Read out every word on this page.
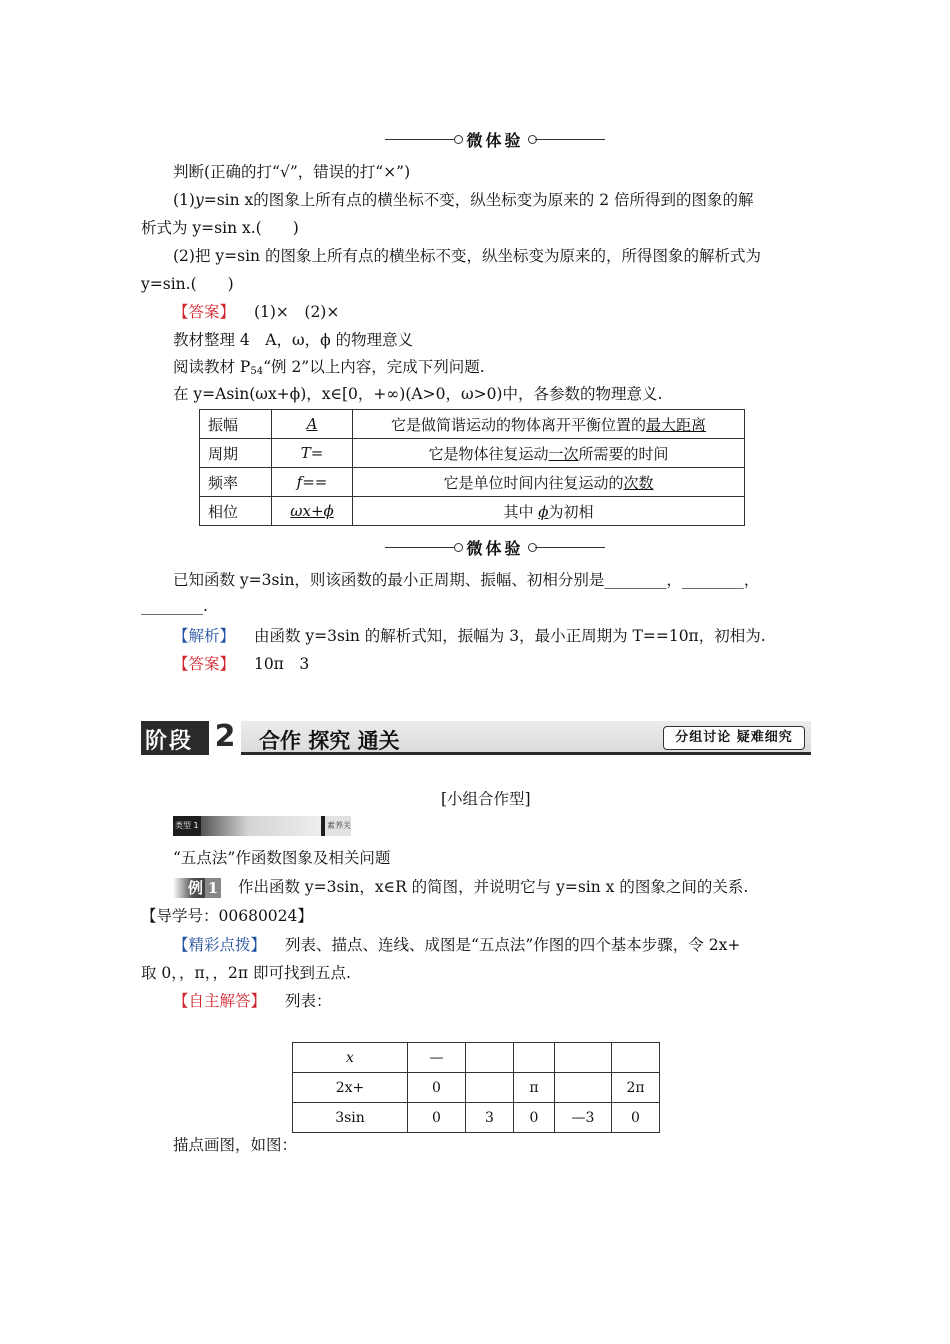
微体验
判断(正确的打“√”，错误的打“×”)
(1)y=sin x的图象上所有点的横坐标不变，纵坐标变为原来的 2 倍所得到的图象的解
析式为 y=sin x.(　　)
(2)把 y=sin 的图象上所有点的横坐标不变，纵坐标变为原来的，所得图象的解析式为
y=sin.(　　)
【答案】 (1)×　(2)×
教材整理 4　A，ω，ϕ 的物理意义
阅读教材 P54“例 2”以上内容，完成下列问题.
在 y=Asin(ωx+ϕ)，x∈[0，+∞)(A>0，ω>0)中，各参数的物理意义.
振幅	A	它是做简谐运动的物体离开平衡位置的最大距离
周期	T=	它是物体往复运动一次所需要的时间
频率	f==	它是单位时间内往复运动的次数
相位	ωx+ϕ	其中 ϕ为初相
微体验
已知函数 y=3sin，则该函数的最小正周期、振幅、初相分别是________，________，
________.
【解析】 由函数 y=3sin 的解析式知，振幅为 3，最小正周期为 T==10π，初相为.
【答案】 10π　3
阶段 2 合作 探究 通关	分组讨论 疑难细究
[小组合作型]
类型 1	素养关
“五点法”作函数图象及相关问题
例 1 作出函数 y=3sin，x∈R 的简图，并说明它与 y=sin x 的图象之间的关系.
【导学号：00680024】
【精彩点拨】 列表、描点、连线、成图是“五点法”作图的四个基本步骤，令 2x+
取 0，，π，，2π 即可找到五点.
【自主解答】 列表：
x	—				
2x+	0		π		2π
3sin	0	3	0	—3	0
描点画图，如图：
